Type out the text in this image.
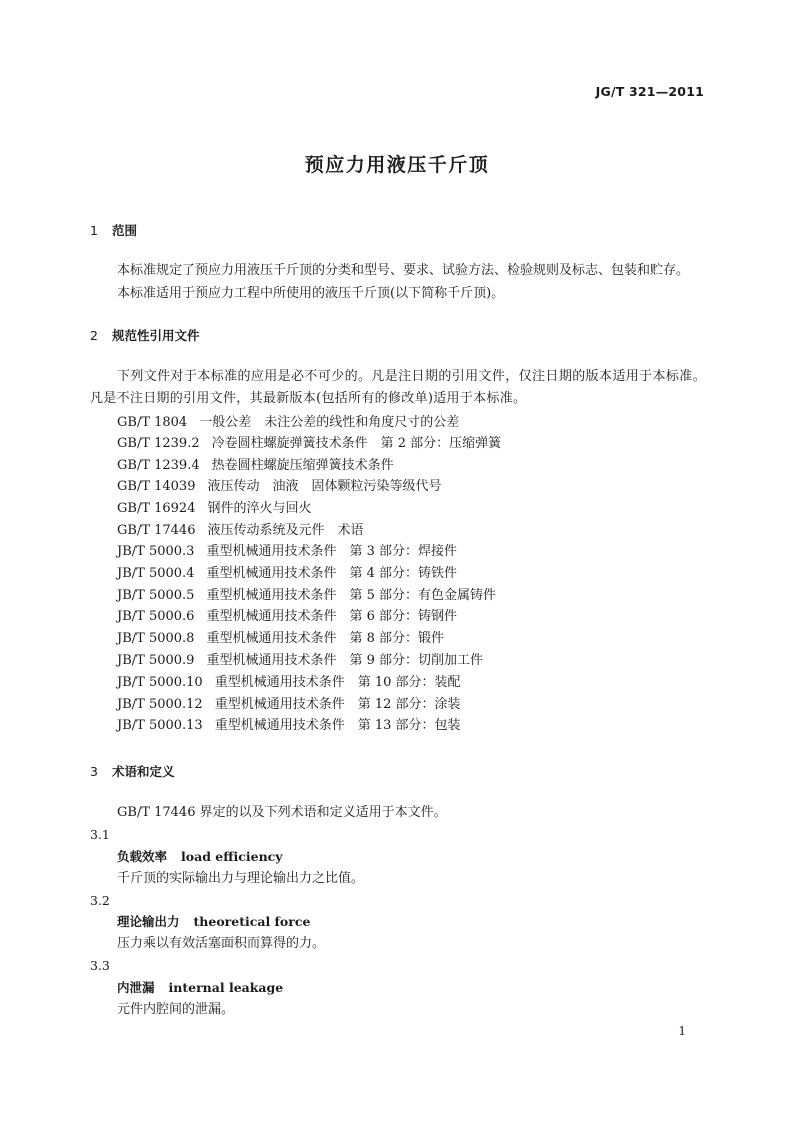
JG/T 321—2011
预应力用液压千斤顶
1 范围
本标准规定了预应力用液压千斤顶的分类和型号、要求、试验方法、检验规则及标志、包装和贮存。
本标准适用于预应力工程中所使用的液压千斤顶(以下简称千斤顶)。
2 规范性引用文件
下列文件对于本标准的应用是必不可少的。凡是注日期的引用文件，仅注日期的版本适用于本标准。凡是不注日期的引用文件，其最新版本(包括所有的修改单)适用于本标准。
GB/T 1804 一般公差　未注公差的线性和角度尺寸的公差
GB/T 1239.2 冷卷圆柱螺旋弹簧技术条件　第 2 部分：压缩弹簧
GB/T 1239.4 热卷圆柱螺旋压缩弹簧技术条件
GB/T 14039 液压传动　油液　固体颗粒污染等级代号
GB/T 16924 钢件的淬火与回火
GB/T 17446 液压传动系统及元件　术语
JB/T 5000.3 重型机械通用技术条件　第 3 部分：焊接件
JB/T 5000.4 重型机械通用技术条件　第 4 部分：铸铁件
JB/T 5000.5 重型机械通用技术条件　第 5 部分：有色金属铸件
JB/T 5000.6 重型机械通用技术条件　第 6 部分：铸钢件
JB/T 5000.8 重型机械通用技术条件　第 8 部分：锻件
JB/T 5000.9 重型机械通用技术条件　第 9 部分：切削加工件
JB/T 5000.10 重型机械通用技术条件　第 10 部分：装配
JB/T 5000.12 重型机械通用技术条件　第 12 部分：涂装
JB/T 5000.13 重型机械通用技术条件　第 13 部分：包装
3 术语和定义
GB/T 17446 界定的以及下列术语和定义适用于本文件。
3.1
负载效率 load efficiency
千斤顶的实际输出力与理论输出力之比值。
3.2
理论输出力 theoretical force
压力乘以有效活塞面积而算得的力。
3.3
内泄漏 internal leakage
元件内腔间的泄漏。
1
